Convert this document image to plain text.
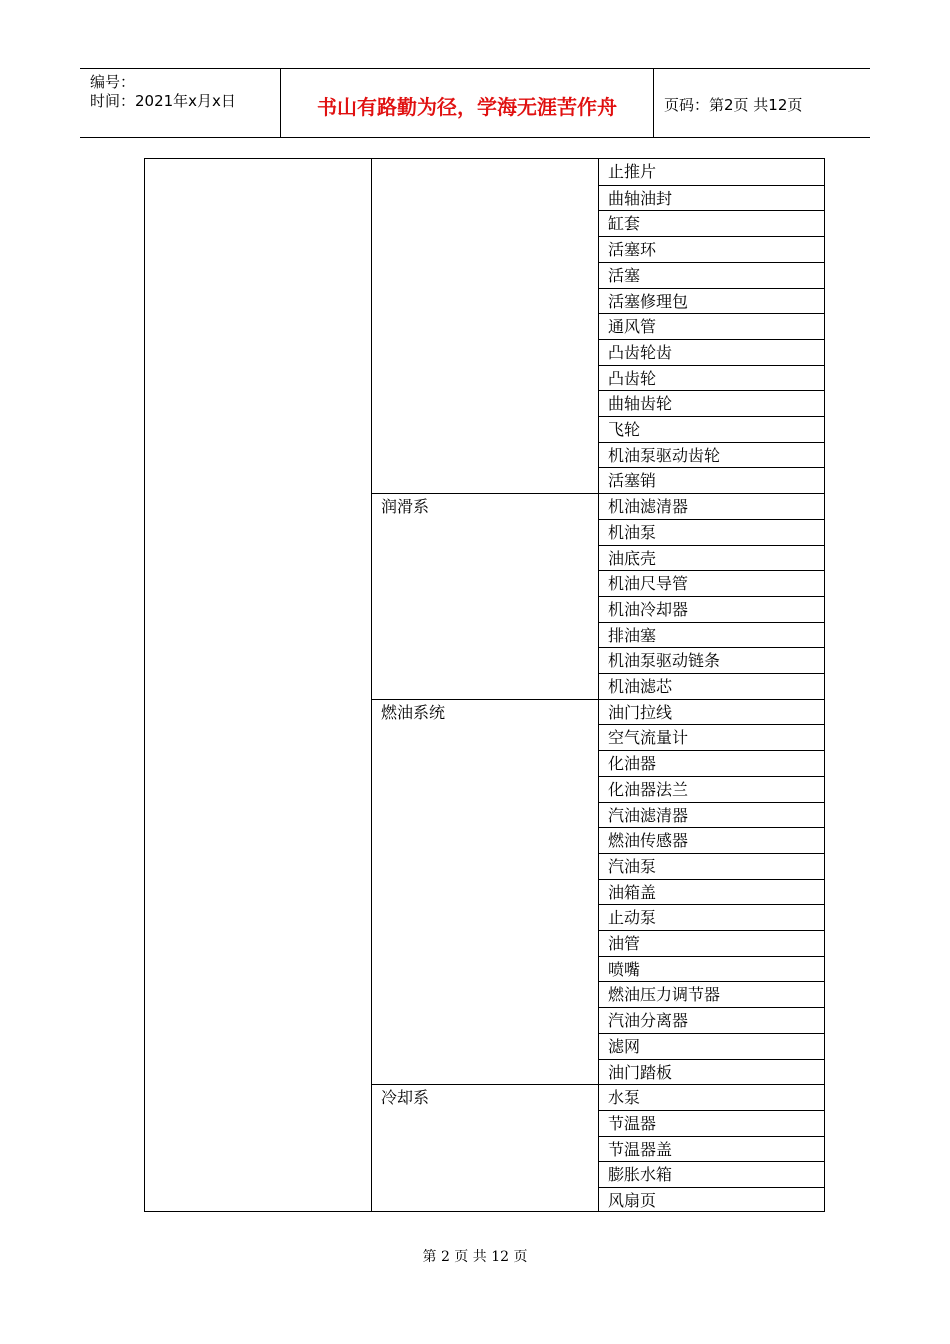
编号：
时间：2021年x月x日	书山有路勤为径，学海无涯苦作舟	页码：第2页 共12页
润滑系
燃油系统
冷却系
止推片
曲轴油封
缸套
活塞环
活塞
活塞修理包
通风管
凸齿轮齿
凸齿轮
曲轴齿轮
飞轮
机油泵驱动齿轮
活塞销
机油滤清器
机油泵
油底壳
机油尺导管
机油冷却器
排油塞
机油泵驱动链条
机油滤芯
油门拉线
空气流量计
化油器
化油器法兰
汽油滤清器
燃油传感器
汽油泵
油箱盖
止动泵
油管
喷嘴
燃油压力调节器
汽油分离器
滤网
油门踏板
水泵
节温器
节温器盖
膨胀水箱
风扇页
第 2 页 共 12 页
